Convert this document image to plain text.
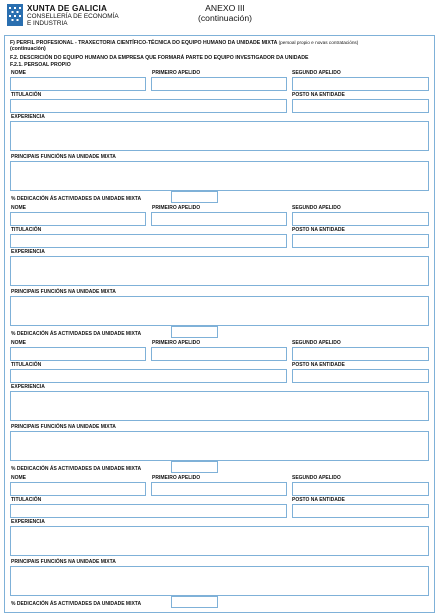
XUNTA DE GALICIA
CONSELLERÍA DE ECONOMÍA
E INDUSTRIA
ANEXO III
(continuación)
F) PERFIL PROFESIONAL - TRAXECTORIA CIENTÍFICO-TÉCNICA DO EQUIPO HUMANO DA UNIDADE MIXTA (persoal propio e novas contratacións)
(continuación)
F.2. DESCRICIÓN DO EQUIPO HUMANO DA EMPRESA QUE FORMARÁ PARTE DO EQUIPO INVESTIGADOR DA UNIDADE
F.2.1. PERSOAL PROPIO
NOME	PRIMEIRO APELIDO	SEGUNDO APELIDO
TITULACIÓN	POSTO NA ENTIDADE
EXPERIENCIA
PRINCIPAIS FUNCIÓNS NA UNIDADE MIXTA
% DEDICACIÓN ÁS ACTIVIDADES DA UNIDADE MIXTA
NOME	PRIMEIRO APELIDO	SEGUNDO APELIDO
TITULACIÓN	POSTO NA ENTIDADE
EXPERIENCIA
PRINCIPAIS FUNCIÓNS NA UNIDADE MIXTA
% DEDICACIÓN ÁS ACTIVIDADES DA UNIDADE MIXTA
NOME	PRIMEIRO APELIDO	SEGUNDO APELIDO
TITULACIÓN	POSTO NA ENTIDADE
EXPERIENCIA
PRINCIPAIS FUNCIÓNS NA UNIDADE MIXTA
% DEDICACIÓN ÁS ACTIVIDADES DA UNIDADE MIXTA
NOME	PRIMEIRO APELIDO	SEGUNDO APELIDO
TITULACIÓN	POSTO NA ENTIDADE
EXPERIENCIA
PRINCIPAIS FUNCIÓNS NA UNIDADE MIXTA
% DEDICACIÓN ÁS ACTIVIDADES DA UNIDADE MIXTA
